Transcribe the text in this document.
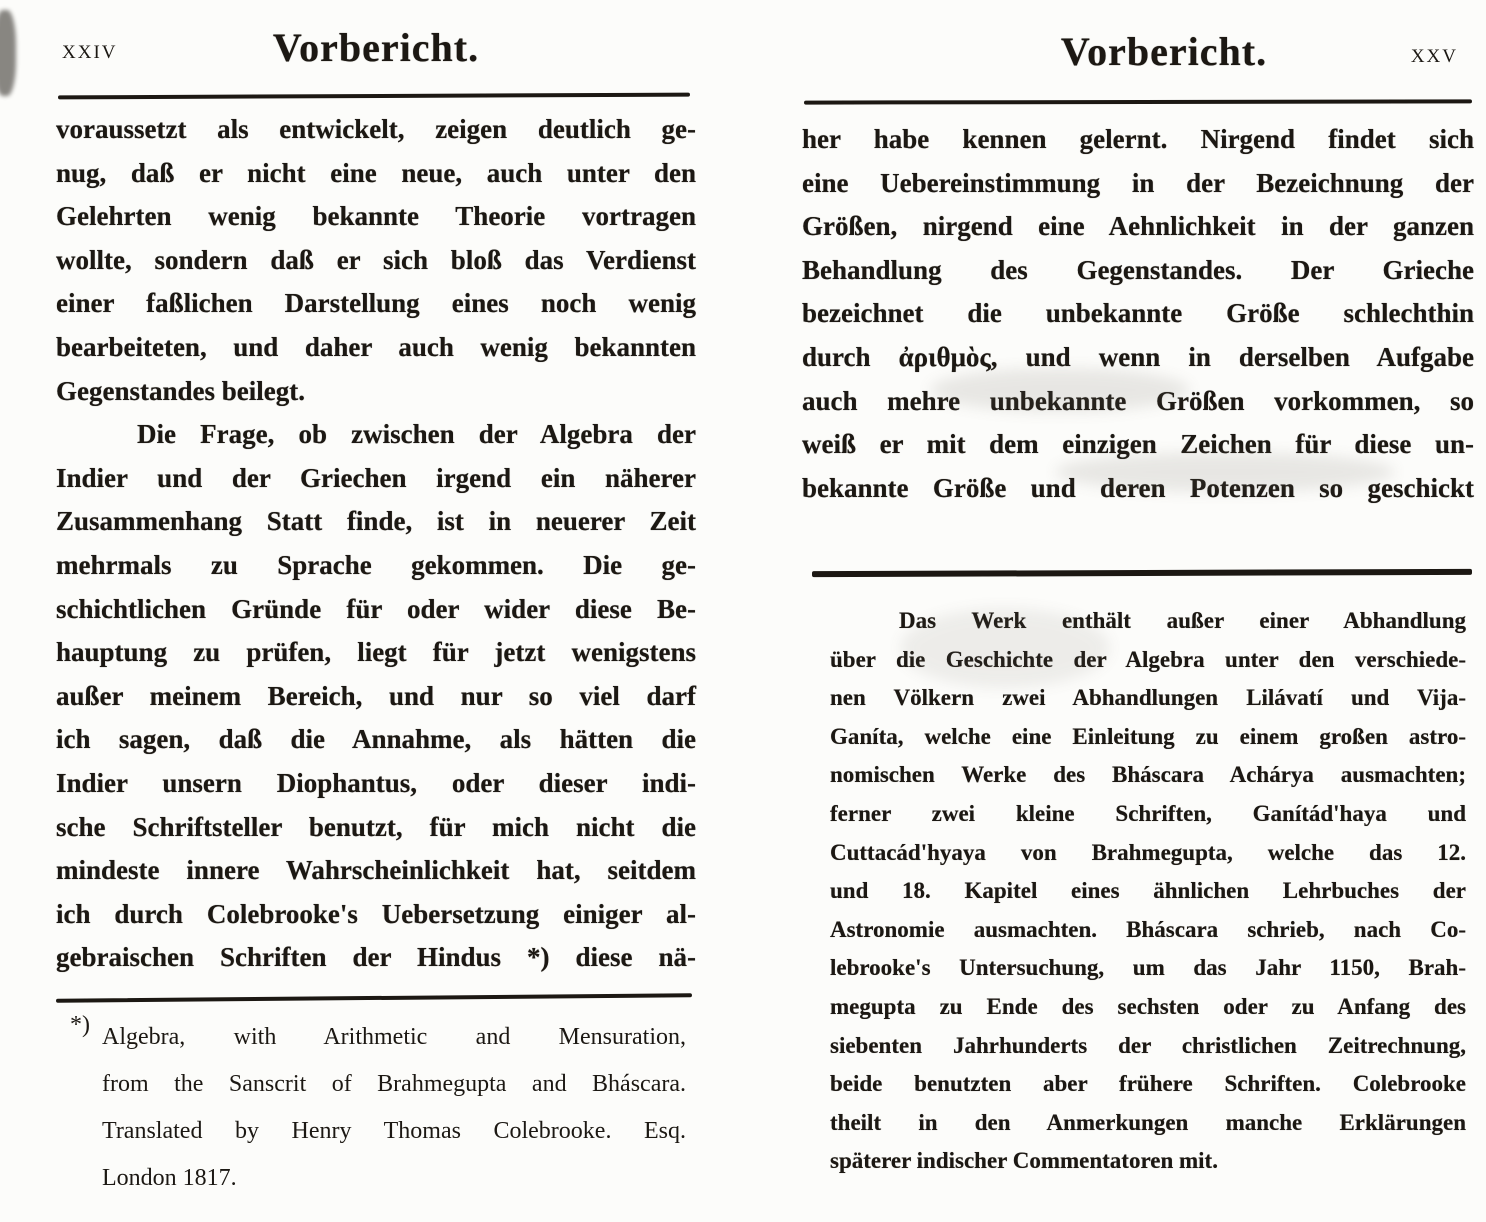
xxiv	Vorbericht.
voraussetzt als entwickelt, zeigen deutlich ge-
nug, daß er nicht eine neue, auch unter den
Gelehrten wenig bekannte Theorie vortragen
wollte, sondern daß er sich bloß das Verdienst
einer faßlichen Darstellung eines noch wenig
bearbeiteten, und daher auch wenig bekannten
Gegenstandes beilegt.
Die Frage, ob zwischen der Algebra der
Indier und der Griechen irgend ein näherer
Zusammenhang Statt finde, ist in neuerer Zeit
mehrmals zu Sprache gekommen. Die ge-
schichtlichen Gründe für oder wider diese Be-
hauptung zu prüfen, liegt für jetzt wenigstens
außer meinem Bereich, und nur so viel darf
ich sagen, daß die Annahme, als hätten die
Indier unsern Diophantus, oder dieser indi-
sche Schriftsteller benutzt, für mich nicht die
mindeste innere Wahrscheinlichkeit hat, seitdem
ich durch Colebrooke's Uebersetzung einiger al-
gebraischen Schriften der Hindus *) diese nä-
*) Algebra, with Arithmetic and Mensuration,
from the Sanscrit of Brahmegupta and Bháscara.
Translated by Henry Thomas Colebrooke. Esq.
London 1817.
Vorbericht.	xxv
her habe kennen gelernt. Nirgend findet sich
eine Uebereinstimmung in der Bezeichnung der
Größen, nirgend eine Aehnlichkeit in der ganzen
Behandlung des Gegenstandes. Der Grieche
bezeichnet die unbekannte Größe schlechthin
durch ἀριθμὸς, und wenn in derselben Aufgabe
auch mehre unbekannte Größen vorkommen, so
weiß er mit dem einzigen Zeichen für diese un-
bekannte Größe und deren Potenzen so geschickt
Das Werk enthält außer einer Abhandlung
über die Geschichte der Algebra unter den verschiede-
nen Völkern zwei Abhandlungen Lilávatí und Vija-
Ganíta, welche eine Einleitung zu einem großen astro-
nomischen Werke des Bháscara Achárya ausmachten;
ferner zwei kleine Schriften, Ganítád'haya und
Cuttacád'hyaya von Brahmegupta, welche das 12.
und 18. Kapitel eines ähnlichen Lehrbuches der
Astronomie ausmachten. Bháscara schrieb, nach Co-
lebrooke's Untersuchung, um das Jahr 1150, Brah-
megupta zu Ende des sechsten oder zu Anfang des
siebenten Jahrhunderts der christlichen Zeitrechnung,
beide benutzten aber frühere Schriften. Colebrooke
theilt in den Anmerkungen manche Erklärungen
späterer indischer Commentatoren mit.
